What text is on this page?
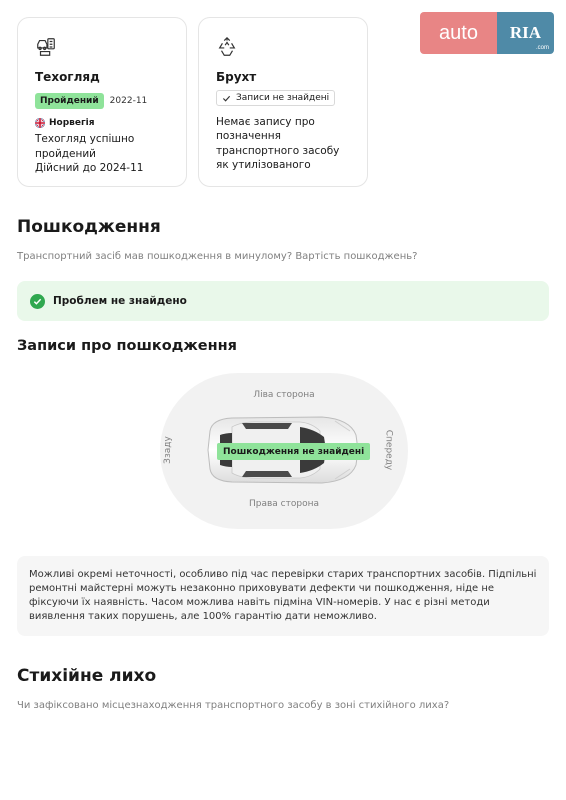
Техогляд
Пройдений	2022-11
Норвегія
Техогляд успішно пройдений
Дійсний до 2024-11
Брухт
Записи не знайдені
Немає запису про позначення транспортного засобу як утилізованого
auto	RIA
.com
Пошкодження
Транспортний засіб мав пошкодження в минулому? Вартість пошкоджень?
Проблем не знайдено
Записи про пошкодження
Ліва сторона
Права сторона
Ззаду	Спереду
Пошкодження не знайдені
Можливі окремі неточності, особливо під час перевірки старих транспортних засобів. Підпільні ремонтні майстерні можуть незаконно приховувати дефекти чи пошкодження, ніде не фіксуючи їх наявність. Часом можлива навіть підміна VIN-номерів. У нас є різні методи виявлення таких порушень, але 100% гарантію дати неможливо.
Стихійне лихо
Чи зафіксовано місцезнаходження транспортного засобу в зоні стихійного лиха?
